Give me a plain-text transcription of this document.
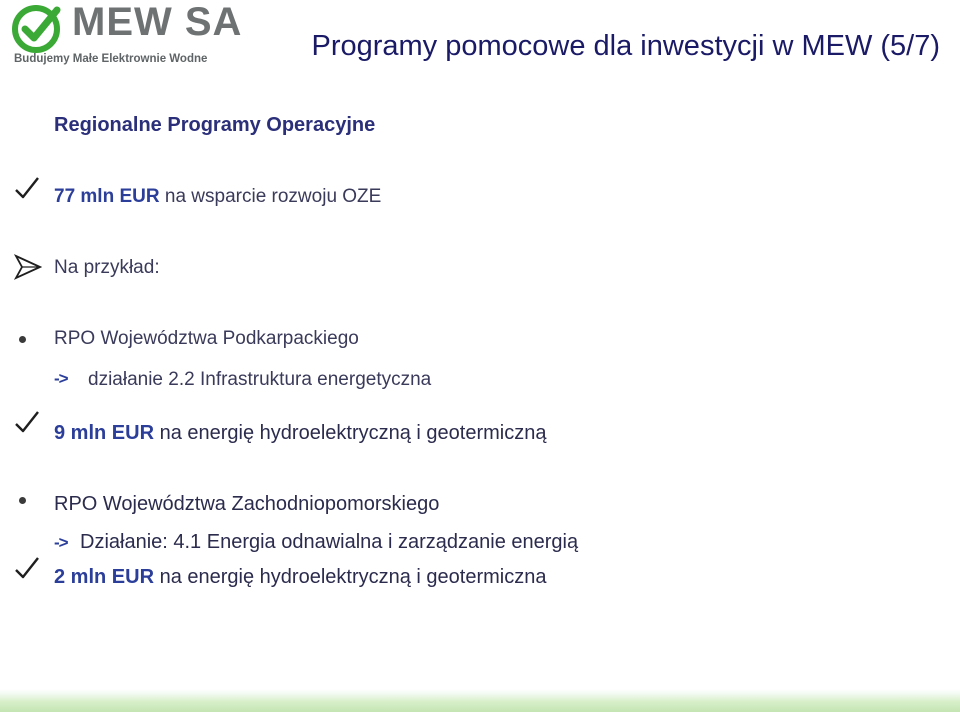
MEW SA
Budujemy Małe Elektrownie Wodne	Programy pomocowe dla inwestycji w MEW (5/7)
Regionalne Programy Operacyjne
77 mln EUR na wsparcie rozwoju OZE
Na przykład:
RPO Województwa Podkarpackiego
-> działanie 2.2 Infrastruktura energetyczna
9 mln EUR na energię hydroelektryczną i geotermiczną
RPO Województwa Zachodniopomorskiego
-> Działanie: 4.1 Energia odnawialna i zarządzanie energią
2 mln EUR na energię hydroelektryczną i geotermiczna
